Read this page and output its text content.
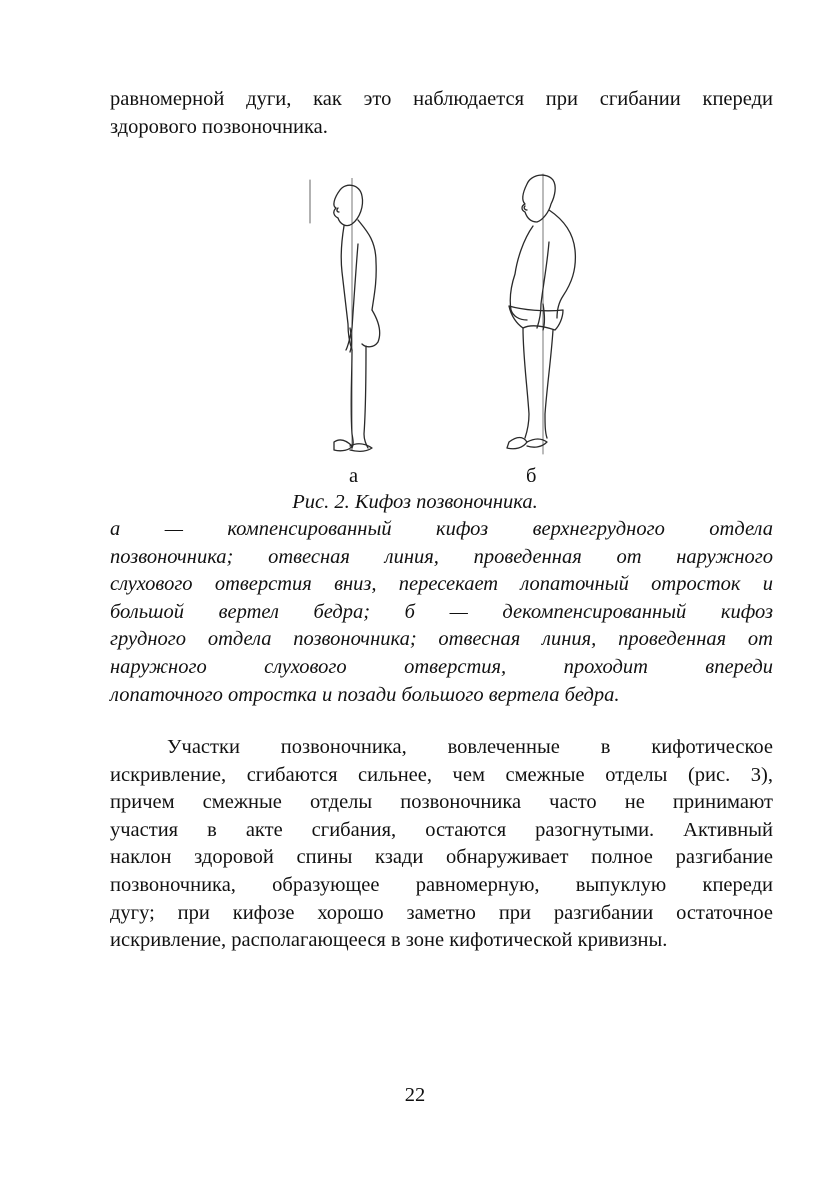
равномерной дуги, как это наблюдается при сгибании кпереди
здорового позвоночника.
а	б
Рис. 2. Кифоз позвоночника.
а — компенсированный кифоз верхнегрудного отдела
позвоночника; отвесная линия, проведенная от наружного
слухового отверстия вниз, пересекает лопаточный отросток и
большой вертел бедра; б — декомпенсированный кифоз
грудного отдела позвоночника; отвесная линия, проведенная от
наружного слухового отверстия, проходит впереди
лопаточного отростка и позади большого вертела бедра.
Участки позвоночника, вовлеченные в кифотическое
искривление, сгибаются сильнее, чем смежные отделы (рис. 3),
причем смежные отделы позвоночника часто не принимают
участия в акте сгибания, остаются разогнутыми. Активный
наклон здоровой спины кзади обнаруживает полное разгибание
позвоночника, образующее равномерную, выпуклую кпереди
дугу; при кифозе хорошо заметно при разгибании остаточное
искривление, располагающееся в зоне кифотической кривизны.
22
